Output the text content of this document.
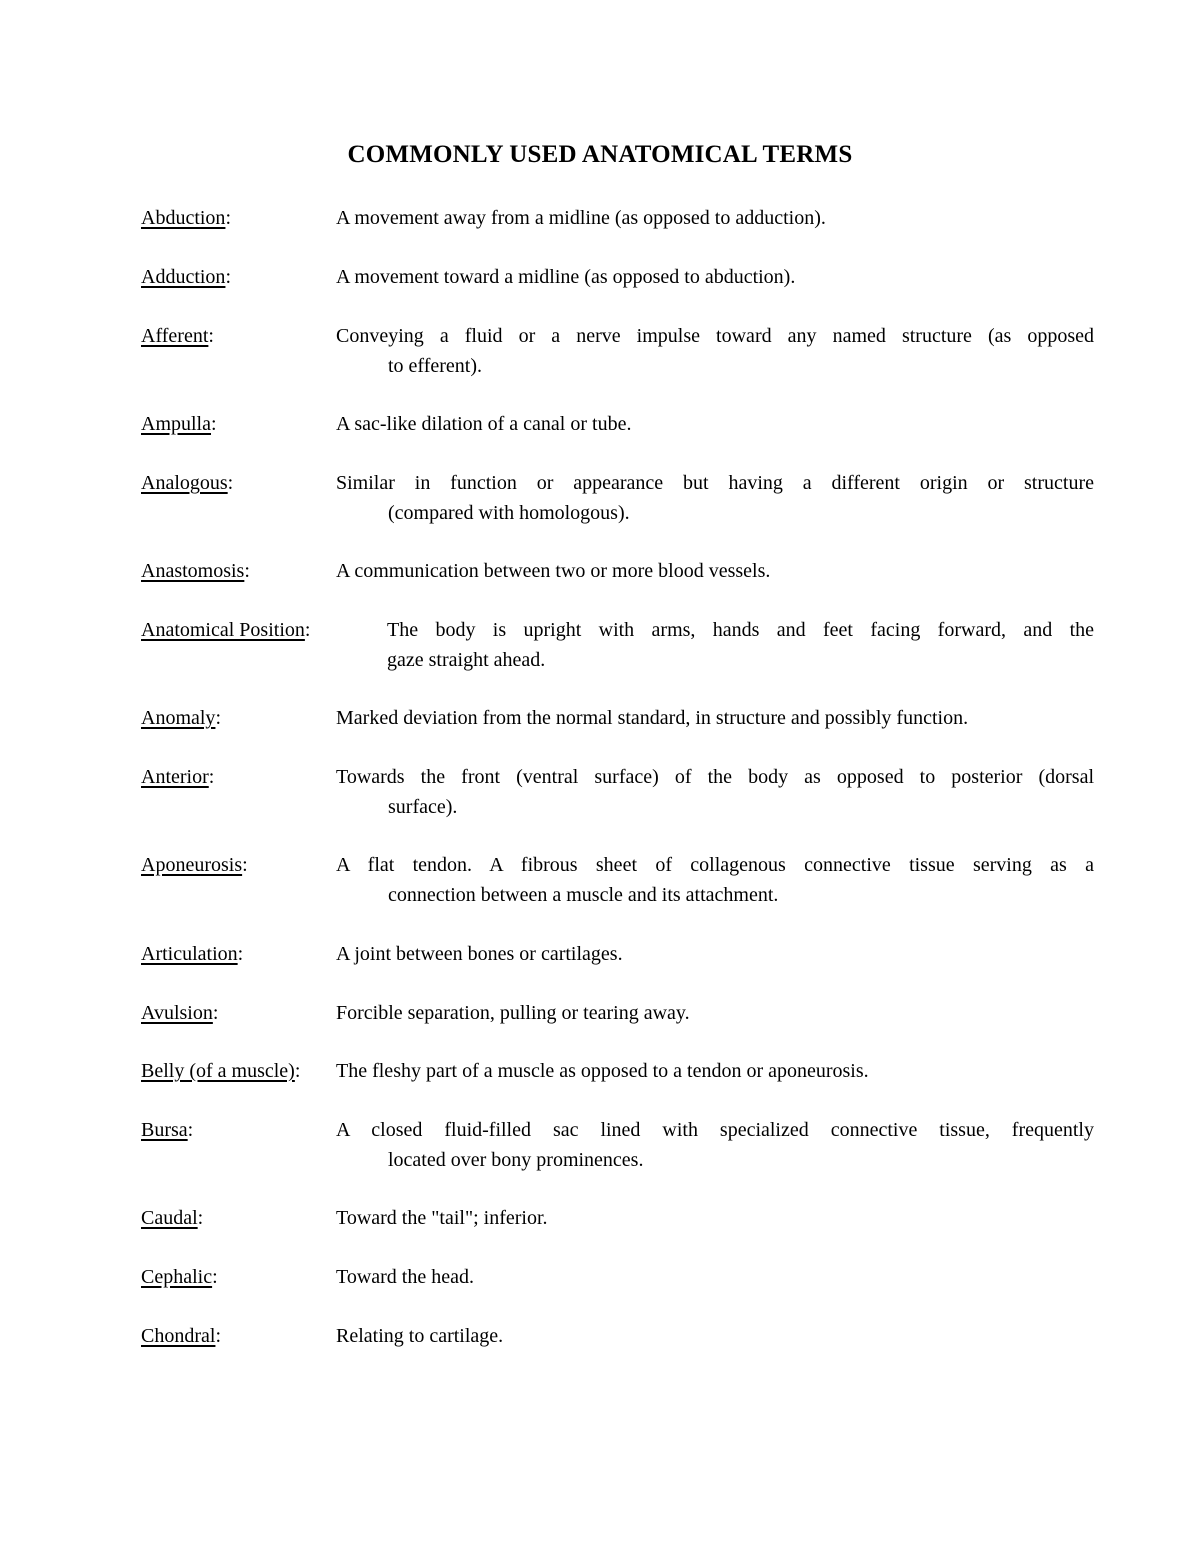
COMMONLY USED ANATOMICAL TERMS
Abduction:	A movement away from a midline (as opposed to adduction).
Adduction:	A movement toward a midline (as opposed to abduction).
Afferent:	Conveying a fluid or a nerve impulse toward any named structure (as opposed
to efferent).
Ampulla:	A sac-like dilation of a canal or tube.
Analogous:	Similar in function or appearance but having a different origin or structure
(compared with homologous).
Anastomosis:	A communication between two or more blood vessels.
Anatomical Position:	The body is upright with arms, hands and feet facing forward, and the
gaze straight ahead.
Anomaly:	Marked deviation from the normal standard, in structure and possibly function.
Anterior:	Towards the front (ventral surface) of the body as opposed to posterior (dorsal
surface).
Aponeurosis:	A flat tendon. A fibrous sheet of collagenous connective tissue serving as a
connection between a muscle and its attachment.
Articulation:	A joint between bones or cartilages.
Avulsion:	Forcible separation, pulling or tearing away.
Belly (of a muscle): The fleshy part of a muscle as opposed to a tendon or aponeurosis.
Bursa:	A closed fluid-filled sac lined with specialized connective tissue, frequently
located over bony prominences.
Caudal:	Toward the "tail"; inferior.
Cephalic:	Toward the head.
Chondral:	Relating to cartilage.
